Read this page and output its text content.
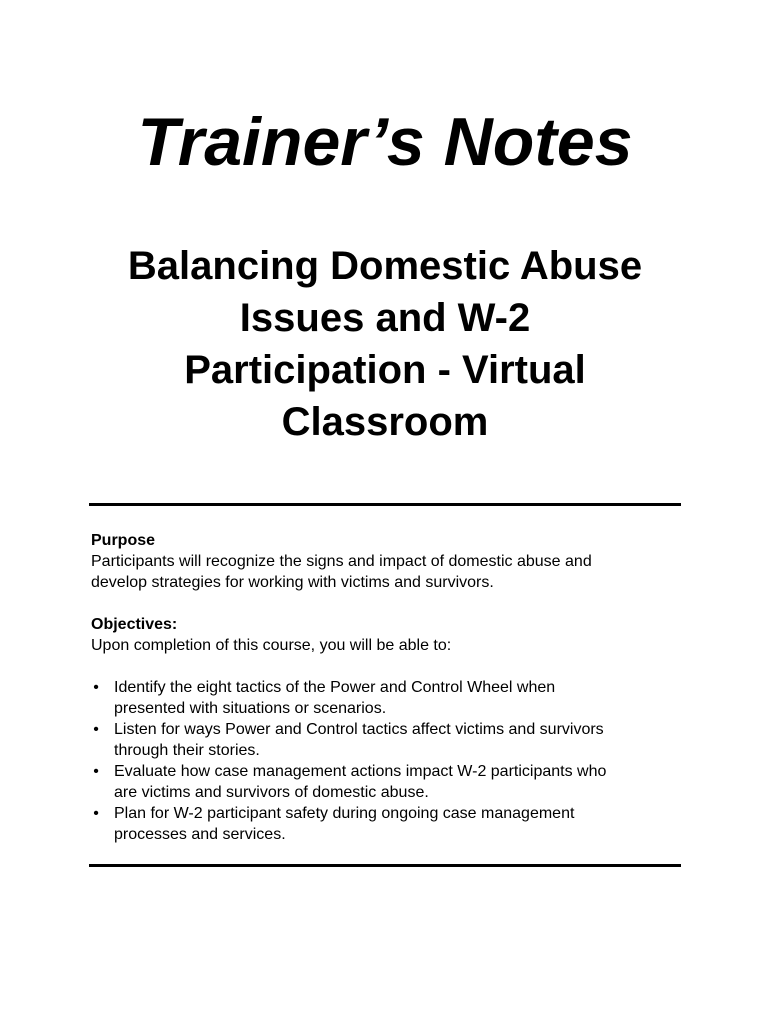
Trainer’s Notes
Balancing Domestic Abuse
Issues and W-2
Participation - Virtual
Classroom

Purpose

Participants will recognize the signs and impact of domestic abuse and
develop strategies for working with victims and survivors.

Objectives:

Upon completion of this course, you will be able to:

• Identify the eight tactics of the Power and Control Wheel when
presented with situations or scenarios.
• Listen for ways Power and Control tactics affect victims and survivors
through their stories.
• Evaluate how case management actions impact W-2 participants who
are victims and survivors of domestic abuse.
• Plan for W-2 participant safety during ongoing case management
processes and services.
